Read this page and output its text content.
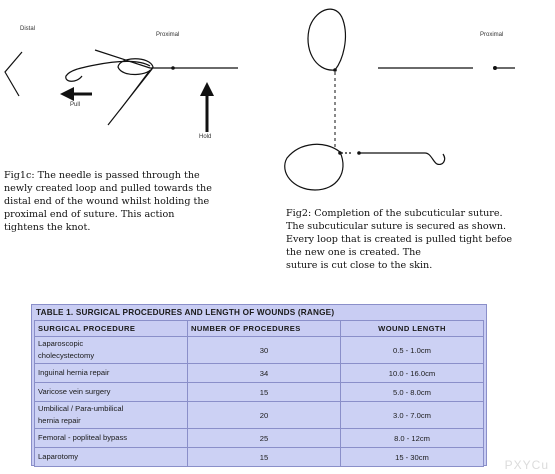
Distal
Proximal
Pull
Hold
Fig1c: The needle is passed through the
newly created loop and pulled towards the
distal end of the wound whilst holding the
proximal end of suture. This action
tightens the knot.
Proximal
Fig2: Completion of the subcuticular suture.
The subcuticular suture is secured as shown.
Every loop that is created is pulled tight befoe
the new one is created. The
suture is cut close to the skin.
TABLE 1. SURGICAL PROCEDURES AND LENGTH OF WOUNDS (RANGE)
SURGICAL PROCEDURE	NUMBER OF PROCEDURES	WOUND LENGTH

Laparoscopic
cholecystectomy	30	0.5 - 1.0cm

Inguinal hernia repair	34	10.0 - 16.0cm

Varicose vein surgery	15	5.0 - 8.0cm

Umbilical / Para-umbilical
hernia repair	20	3.0 - 7.0cm

Femoral - popliteal bypass	25	8.0 - 12cm

Laparotomy	15	15 - 30cm
PXYCu
